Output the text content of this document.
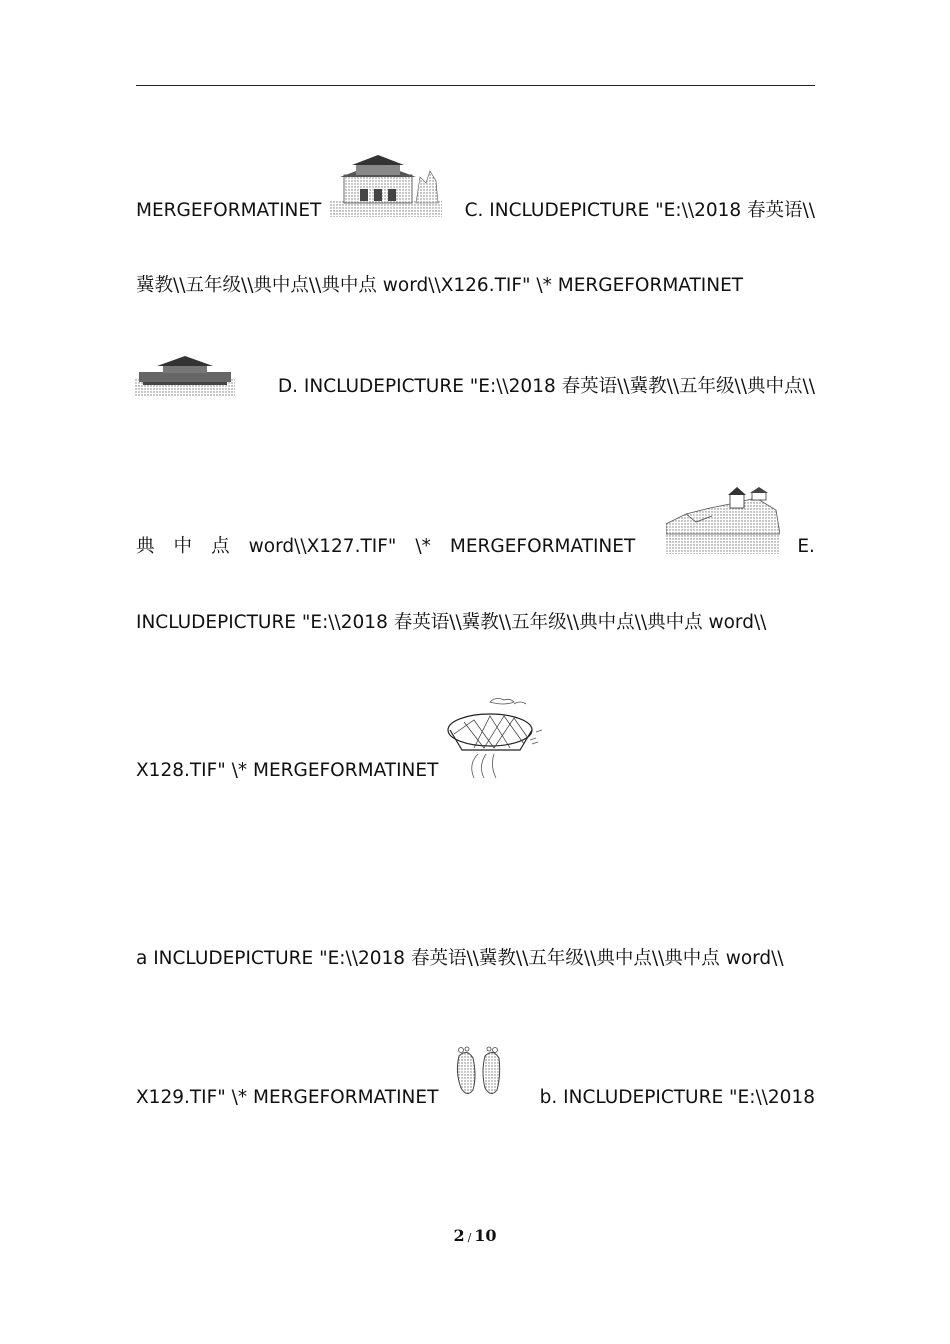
MERGEFORMATINET	C. INCLUDEPICTURE "E:\\2018 春英语\\
冀教\\五年级\\典中点\\典中点 word\\X126.TIF" \* MERGEFORMATINET
D. INCLUDEPICTURE "E:\\2018 春英语\\冀教\\五年级\\典中点\\
典 中 点 word\\X127.TIF" \* MERGEFORMATINET	E.
INCLUDEPICTURE "E:\\2018 春英语\\冀教\\五年级\\典中点\\典中点 word\\
X128.TIF" \* MERGEFORMATINET
a INCLUDEPICTURE "E:\\2018 春英语\\冀教\\五年级\\典中点\\典中点 word\\
X129.TIF" \* MERGEFORMATINET	b. INCLUDEPICTURE "E:\\2018
2 / 10
